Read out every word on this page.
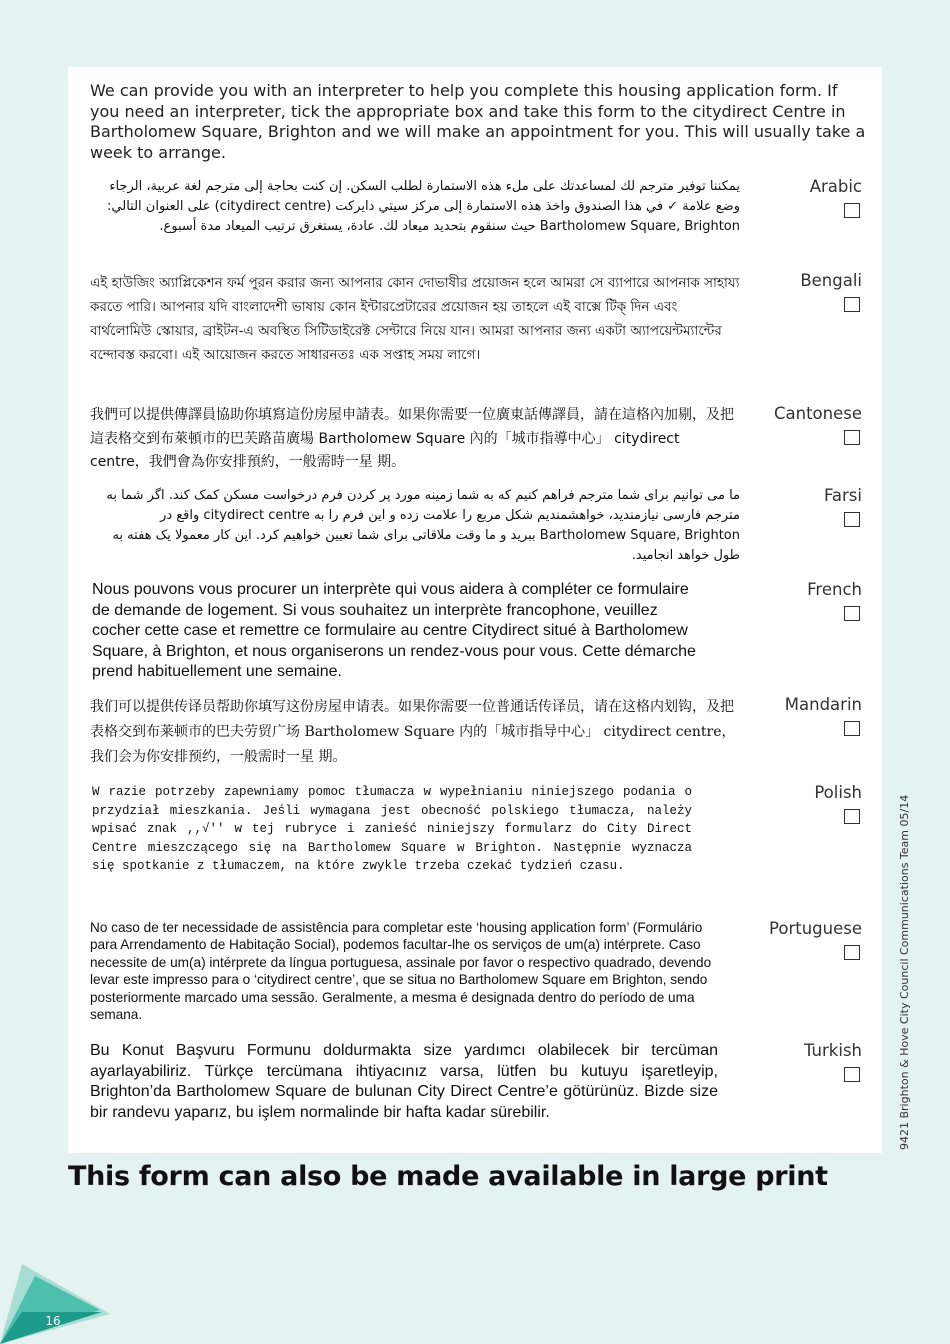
We can provide you with an interpreter to help you complete this housing application form. If you need an interpreter, tick the appropriate box and take this form to the citydirect Centre in Bartholomew Square, Brighton and we will make an appointment for you. This will usually take a week to arrange.
يمكننا توفير مترجم لك لمساعدتك على ملء هذه الاستمارة لطلب السكن. إن كنت بحاجة إلى مترجم لغة عربية، الرجاء وضع علامة ✓ في هذا الصندوق واخذ هذه الاستمارة إلى مركز سيتي دايركت (citydirect centre) على العنوان التالي: Bartholomew Square, Brighton حيث سنقوم بتحديد ميعاد لك. عادة، يستغرق ترتيب الميعاد مدة أسبوع.
Arabic
এই হাউজিং অ্যাপ্লিকেশন ফর্ম পুরন করার জন্য আপনার কোন দোভাষীর প্রয়োজন হলে আমরা সে ব্যাপারে আপনাক সাহায্য করতে পারি। আপনার যদি বাংলাদেশী ভাষায় কোন ইন্টারপ্রেটারের প্রয়োজন হয় তাহলে এই বাক্সে টিক্ দিন এবং বার্থলোমিউ স্কোয়ার, ব্রাইটন-এ অবস্থিত সিটিডাইরেক্ট সেন্টারে নিয়ে যান। আমরা আপনার জন্য একটা অ্যাপয়েন্টম্যান্টের বন্দোবস্ত করবো। এই আয়োজন করতে সাধারনতঃ এক সপ্তাহ সময় লাগে।
Bengali
我們可以提供傳譯員協助你填寫這份房屋申請表。如果你需要一位廣東話傳譯員，請在這格內加剔，及把這表格交到布萊頓市的巴芙路苗廣場 Bartholomew Square 內的「城市指導中心」 citydirect centre，我們會為你安排預約，一般需時一星 期。
Cantonese
ما می توانیم برای شما مترجم فراهم کنیم که به شما زمینه مورد پر کردن فرم درخواست مسکن کمک کند. اگر شما به مترجم فارسی نیازمندید، خواهشمندیم شکل مربع را علامت زده و این فرم را به citydirect centre واقع در Bartholomew Square, Brighton ببرید و ما وقت ملاقاتی برای شما تعیین خواهیم کرد. این کار معمولا یک هفته به طول خواهد انجامید.
Farsi
Nous pouvons vous procurer un interprète qui vous aidera à compléter ce formulaire de demande de logement. Si vous souhaitez un interprète francophone, veuillez cocher cette case et remettre ce formulaire au centre Citydirect situé à Bartholomew Square, à Brighton, et nous organiserons un rendez-vous pour vous. Cette démarche prend habituellement une semaine.
French
我们可以提供传译员帮助你填写这份房屋申请表。如果你需要一位普通话传译员，请在这格内划钩，及把表格交到布莱顿市的巴夫劳贸广场 Bartholomew Square 内的「城市指导中心」 citydirect centre，我们会为你安排预约，一般需时一星 期。
Mandarin
W razie potrzeby zapewniamy pomoc tłumacza w wypełnianiu niniejszego podania o przydział mieszkania. Jeśli wymagana jest obecność polskiego tłumacza, należy wpisać znak ,,√'' w tej rubryce i zanieść niniejszy formularz do City Direct Centre mieszczącego się na Bartholomew Square w Brighton. Następnie wyznacza się spotkanie z tłumaczem, na które zwykle trzeba czekać tydzień czasu.
Polish
No caso de ter necessidade de assistência para completar este ‘housing application form’ (Formulário para Arrendamento de Habitação Social), podemos facultar-lhe os serviços de um(a) intérprete. Caso necessite de um(a) intérprete da língua portuguesa, assinale por favor o respectivo quadrado, devendo levar este impresso para o ‘citydirect centre’, que se situa no Bartholomew Square em Brighton, sendo posteriormente marcado uma sessão. Geralmente, a mesma é designada dentro do período de uma semana.
Portuguese
Bu Konut Başvuru Formunu doldurmakta size yardımcı olabilecek bir tercüman ayarlayabiliriz. Türkçe tercümana ihtiyacınız varsa, lütfen bu kutuyu işaretleyip, Brighton’da Bartholomew Square de bulunan City Direct Centre’e götürünüz. Bizde size bir randevu yaparız, bu işlem normalinde bir hafta kadar sürebilir.
Turkish
This form can also be made available in large print
9421 Brighton & Hove City Council Communications Team 05/14
16
